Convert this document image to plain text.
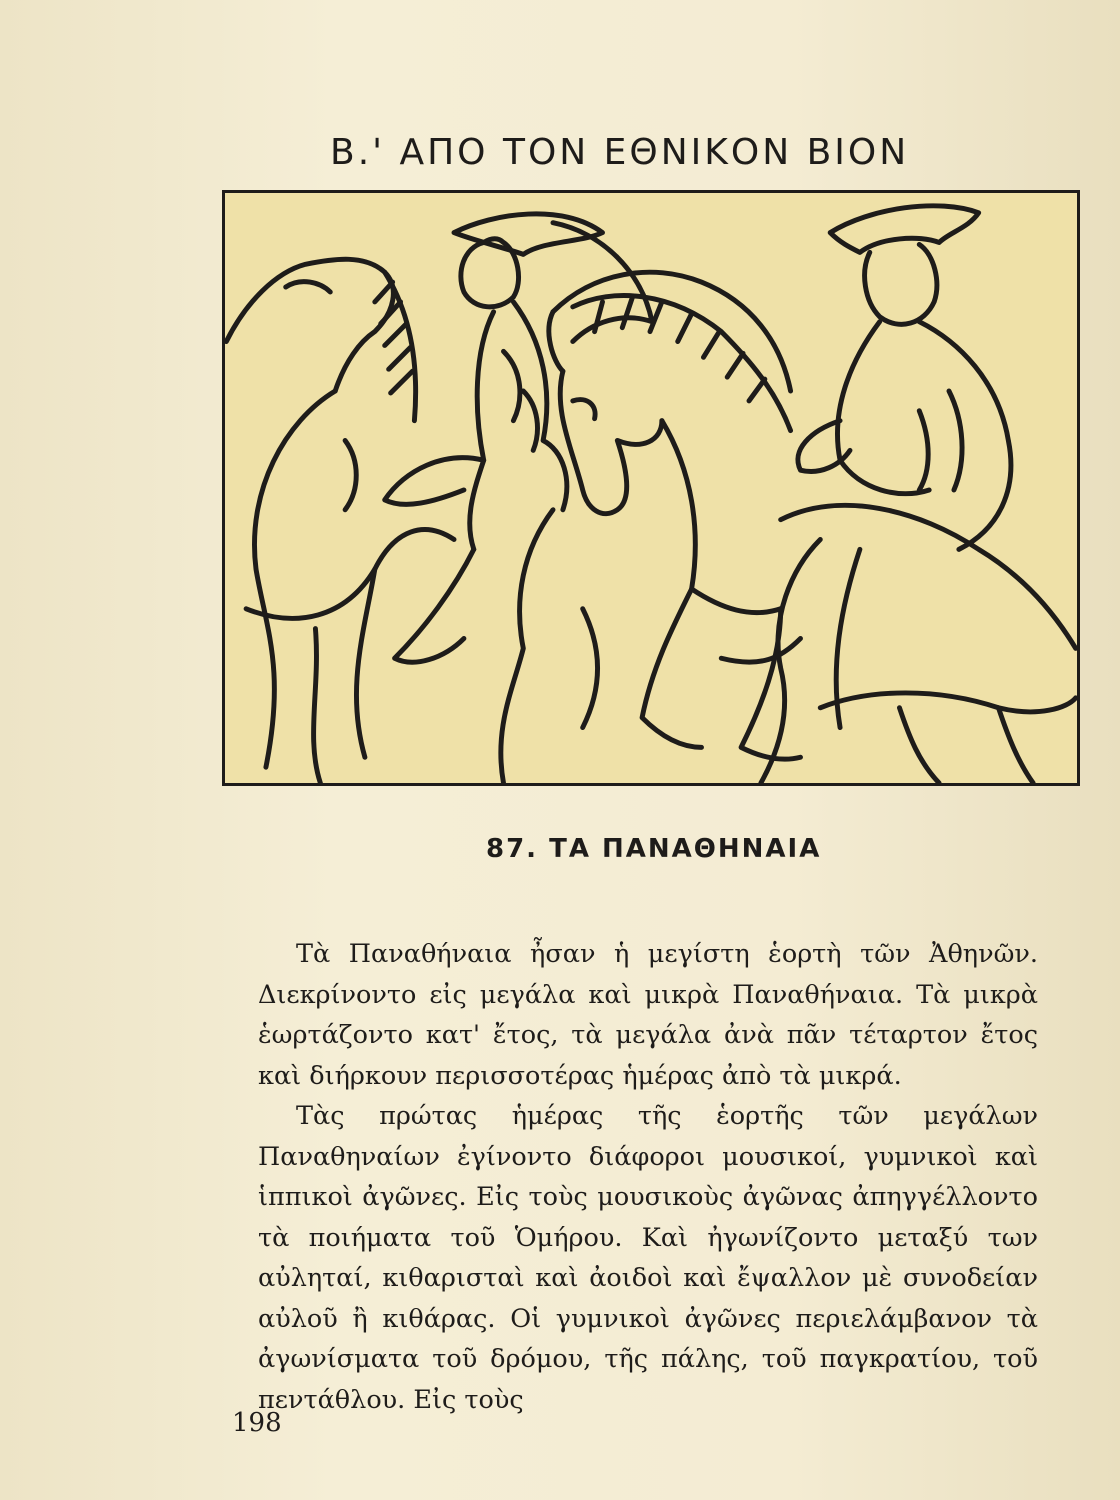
Β.' ΑΠΟ ΤΟΝ ΕΘΝΙΚΟΝ ΒΙΟΝ
87. ΤΑ ΠΑΝΑΘΗΝΑΙΑ

Τὰ Παναθήναια ἦσαν ἡ μεγίστη ἑορτὴ τῶν Ἀθηνῶν. Διεκρίνοντο εἰς μεγάλα καὶ μικρὰ Παναθήναια. Τὰ μικρὰ ἑωρτάζοντο κατ' ἔτος, τὰ μεγάλα ἀνὰ πᾶν τέταρτον ἔτος καὶ διήρκουν περισσοτέρας ἡμέρας ἀπὸ τὰ μικρά.

Τὰς πρώτας ἡμέρας τῆς ἑορτῆς τῶν μεγάλων Παναθηναίων ἐγίνοντο διάφοροι μουσικοί, γυμνικοὶ καὶ ἱππικοὶ ἀγῶνες. Εἰς τοὺς μουσικοὺς ἀγῶνας ἀπηγγέλλοντο τὰ ποιήματα τοῦ Ὁμήρου. Καὶ ἠγωνίζοντο μεταξύ των αὐληταί, κιθαρισταὶ καὶ ἀοιδοὶ καὶ ἔψαλλον μὲ συνοδείαν αὐλοῦ ἢ κιθάρας. Οἱ γυμνικοὶ ἀγῶνες περιελάμβανον τὰ ἀγωνίσματα τοῦ δρόμου, τῆς πάλης, τοῦ παγκρατίου, τοῦ πεντάθλου. Εἰς τοὺς

198
